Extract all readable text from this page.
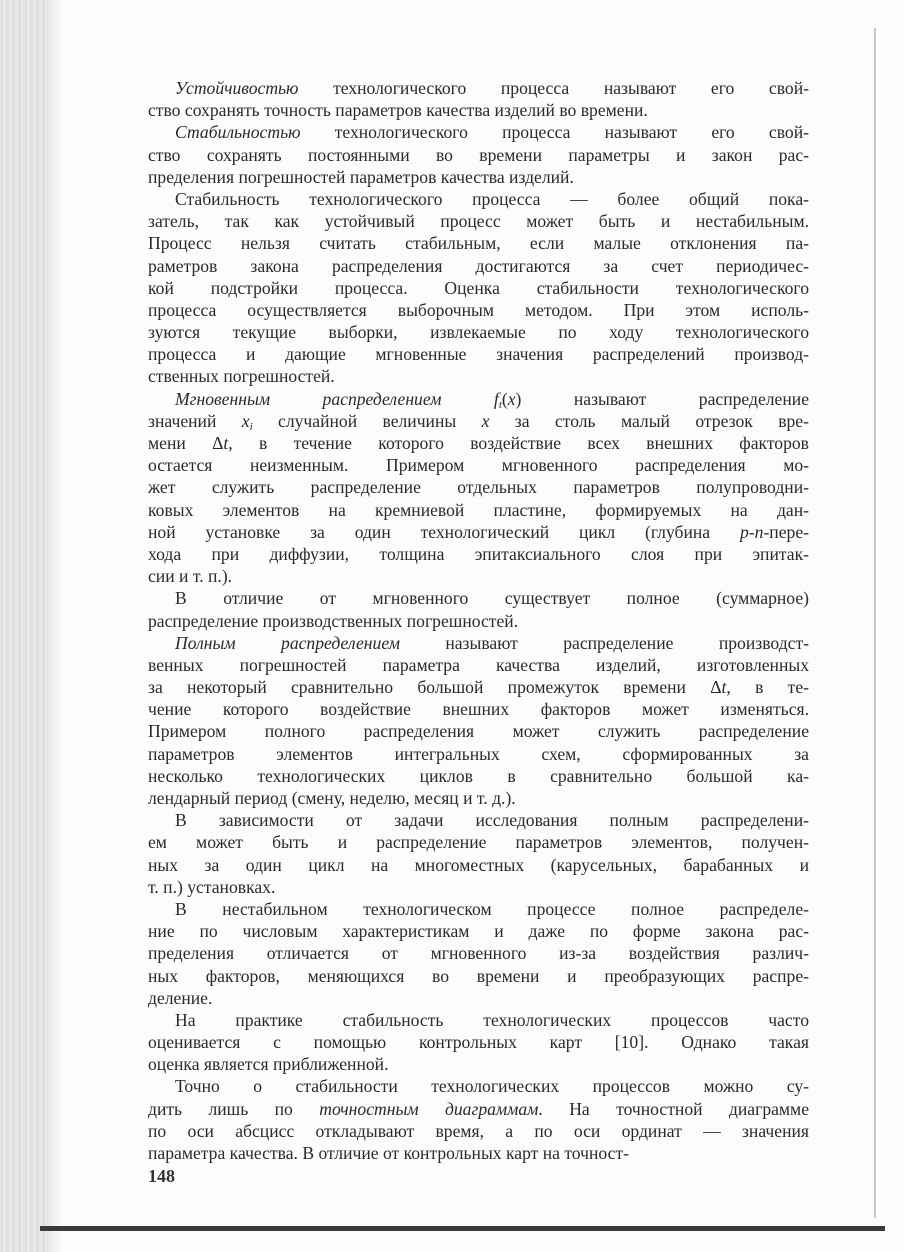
Устойчивостью технологического процесса называют его свой-
ство сохранять точность параметров качества изделий во времени.
Стабильностью технологического процесса называют его свой-
ство сохранять постоянными во времени параметры и закон рас-
пределения погрешностей параметров качества изделий.
Стабильность технологического процесса — более общий пока-
затель, так как устойчивый процесс может быть и нестабильным.
Процесс нельзя считать стабильным, если малые отклонения па-
раметров закона распределения достигаются за счет периодичес-
кой подстройки процесса. Оценка стабильности технологического
процесса осуществляется выборочным методом. При этом исполь-
зуются текущие выборки, извлекаемые по ходу технологического
процесса и дающие мгновенные значения распределений производ-
ственных погрешностей.
Мгновенным распределением	$f_t(x)$ называют распределение
значений $x_i$ случайной величины x за столь малый отрезок вре-
мени Δt, в течение которого воздействие всех внешних факторов
остается неизменным. Примером мгновенного распределения мо-
жет служить распределение отдельных параметров полупроводни-
ковых элементов на кремниевой пластине, формируемых на дан-
ной установке за один технологический цикл (глубина p-n-пере-
хода при диффузии, толщина эпитаксиального слоя при эпитак-
сии и т. п.).
В отличие от мгновенного существует полное (суммарное)
распределение производственных погрешностей.
Полным распределением называют распределение производст-
венных погрешностей параметра качества изделий, изготовленных
за некоторый сравнительно большой промежуток времени Δt, в те-
чение которого воздействие внешних факторов может изменяться.
Примером полного распределения может служить распределение
параметров элементов интегральных схем, сформированных за
несколько технологических циклов в сравнительно большой ка-
лендарный период (смену, неделю, месяц и т. д.).
В зависимости от задачи исследования полным распределени-
ем может быть и распределение параметров элементов, получен-
ных за один цикл на многоместных (карусельных, барабанных и
т. п.) установках.
В нестабильном технологическом процессе полное распределе-
ние по числовым характеристикам и даже по форме закона рас-
пределения отличается от мгновенного из-за воздействия различ-
ных факторов, меняющихся во времени и преобразующих распре-
деление.
На практике стабильность технологических процессов часто
оценивается с помощью контрольных карт [10]. Однако такая
оценка является приближенной.
Точно о стабильности технологических процессов можно су-
дить лишь по точностным диаграммам. На точностной диаграмме
по оси абсцисс откладывают время, а по оси ординат — значения
параметра качества. В отличие от контрольных карт на точност-
148
